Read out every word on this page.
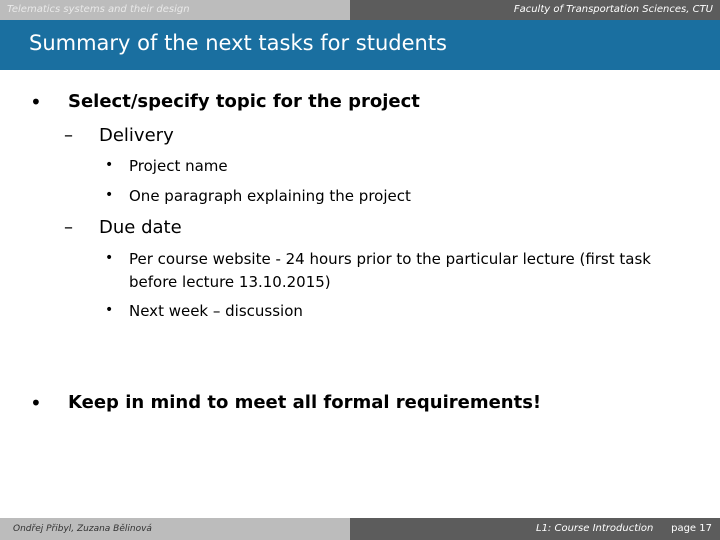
Telematics systems and their design	Faculty of Transportation Sciences, CTU
Summary of the next tasks for students
• Select/specify topic for the project
– Delivery
• Project name
• One paragraph explaining the project
– Due date
• Per course website - 24 hours prior to the particular lecture (first task before lecture 13.10.2015)
• Next week – discussion
• Keep in mind to meet all formal requirements!
Ondřej Přibyl, Zuzana Bělinová	L1: Course Introduction page 17
